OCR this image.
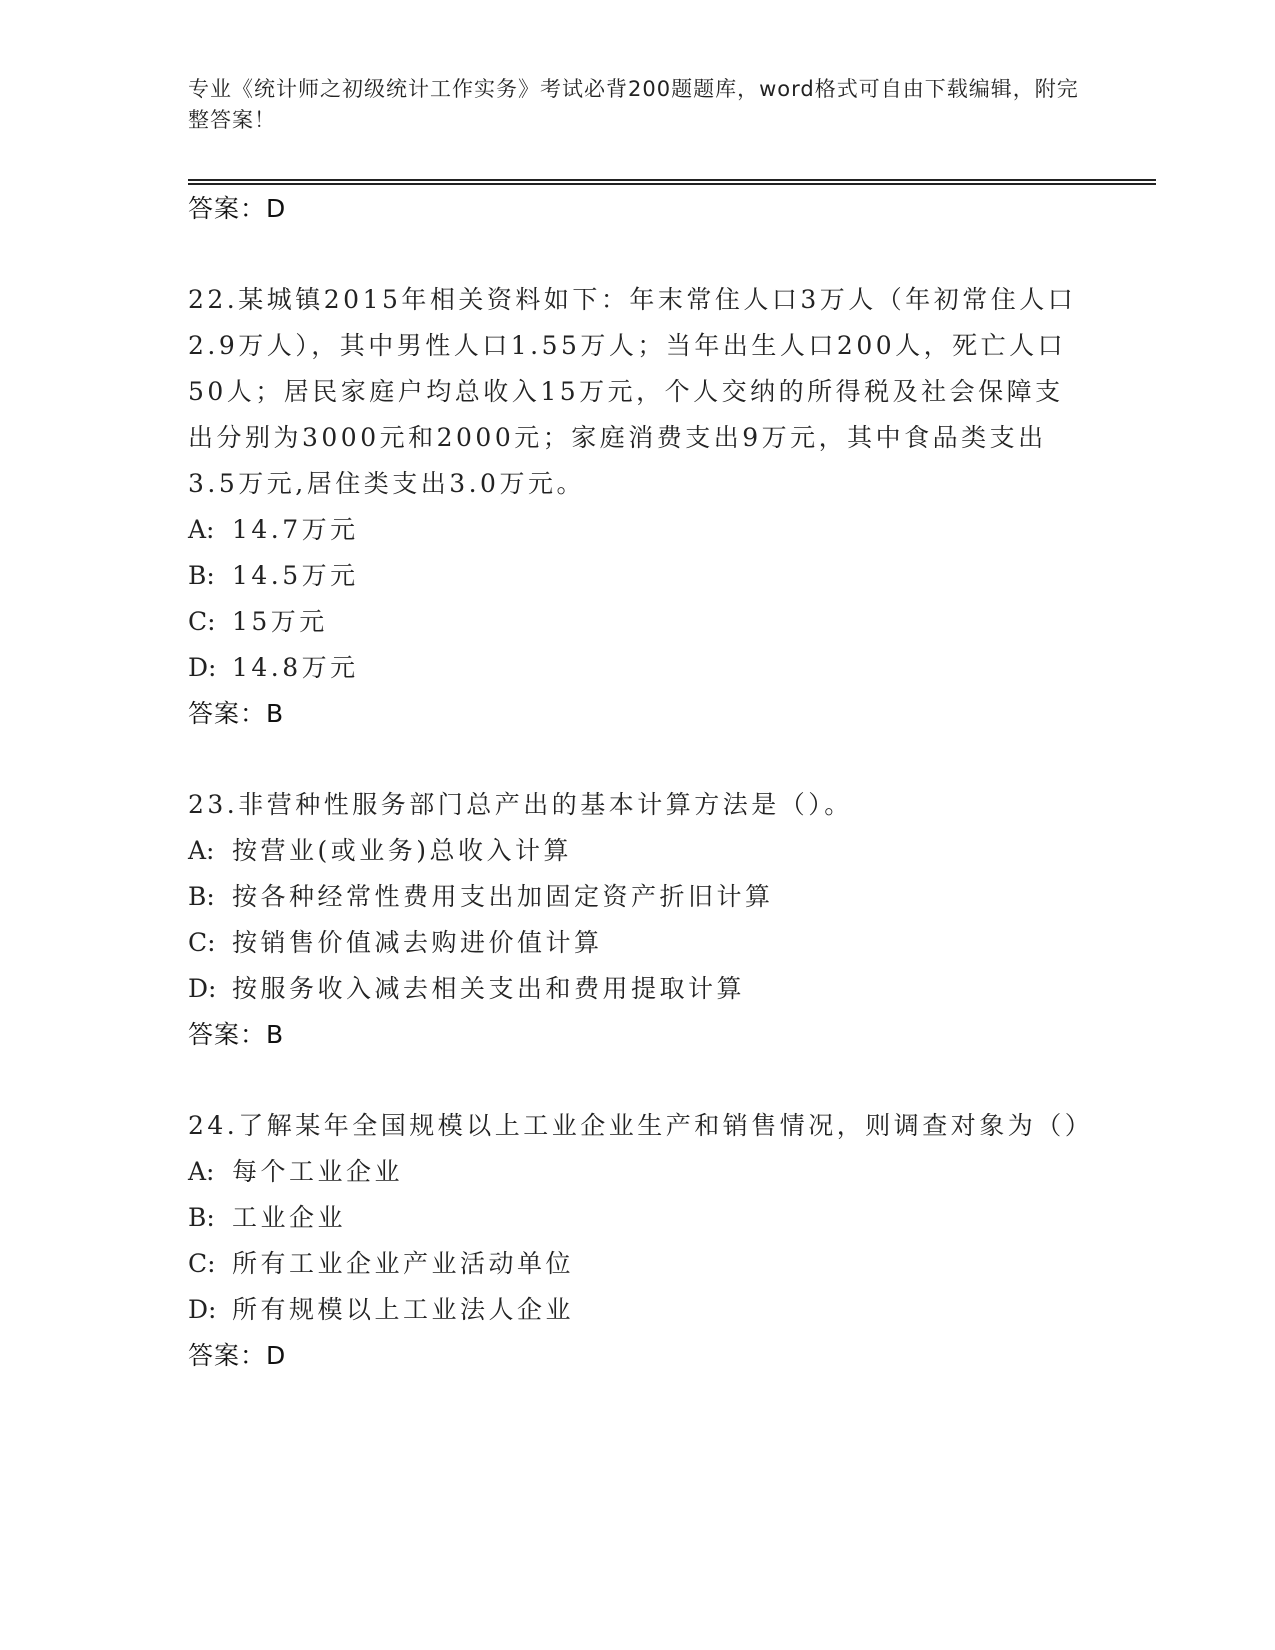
专业《统计师之初级统计工作实务》考试必背200题题库，word格式可自由下载编辑，附完整答案！
答案：D
22.某城镇2015年相关资料如下：年末常住人口3万人（年初常住人口2.9万人），其中男性人口1.55万人；当年出生人口200人，死亡人口50人；居民家庭户均总收入15万元，个人交纳的所得税及社会保障支出分别为3000元和2000元；家庭消费支出9万元，其中食品类支出3.5万元,居住类支出3.0万元。
A: 14.7万元
B: 14.5万元
C: 15万元
D: 14.8万元
答案：B
23.非营种性服务部门总产出的基本计算方法是（）。
A: 按营业(或业务)总收入计算
B: 按各种经常性费用支出加固定资产折旧计算
C: 按销售价值减去购进价值计算
D: 按服务收入减去相关支出和费用提取计算
答案：B
24.了解某年全国规模以上工业企业生产和销售情况，则调查对象为（）
A: 每个工业企业
B: 工业企业
C: 所有工业企业产业活动单位
D: 所有规模以上工业法人企业
答案：D
